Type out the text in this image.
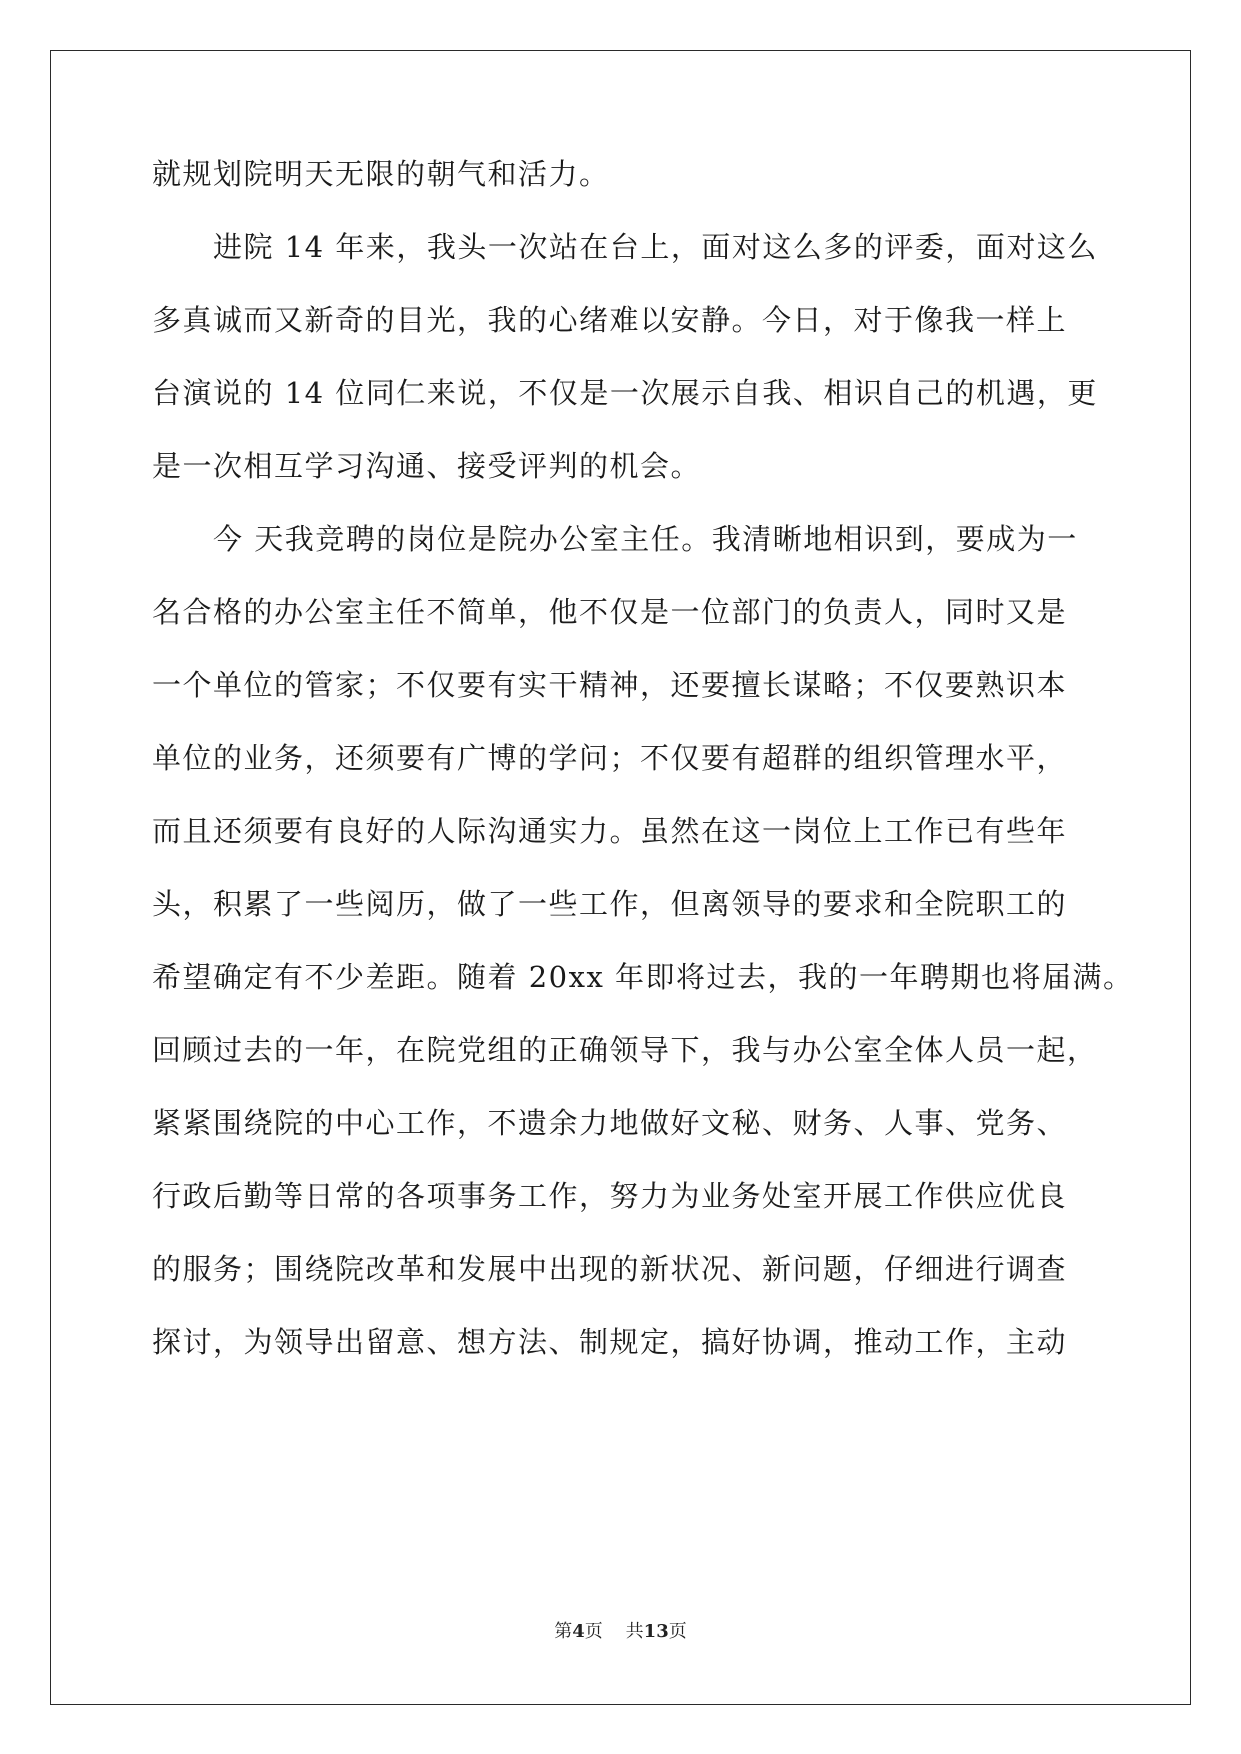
就规划院明天无限的朝气和活力。
　　进院 14 年来，我头一次站在台上，面对这么多的评委，面对这么
多真诚而又新奇的目光，我的心绪难以安静。今日，对于像我一样上
台演说的 14 位同仁来说，不仅是一次展示自我、相识自己的机遇，更
是一次相互学习沟通、接受评判的机会。
　　今 天我竞聘的岗位是院办公室主任。我清晰地相识到，要成为一
名合格的办公室主任不简单，他不仅是一位部门的负责人，同时又是
一个单位的管家；不仅要有实干精神，还要擅长谋略；不仅要熟识本
单位的业务，还须要有广博的学问；不仅要有超群的组织管理水平，
而且还须要有良好的人际沟通实力。虽然在这一岗位上工作已有些年
头，积累了一些阅历，做了一些工作，但离领导的要求和全院职工的
希望确定有不少差距。随着 20xx 年即将过去，我的一年聘期也将届满。
回顾过去的一年，在院党组的正确领导下，我与办公室全体人员一起，
紧紧围绕院的中心工作，不遗余力地做好文秘、财务、人事、党务、
行政后勤等日常的各项事务工作，努力为业务处室开展工作供应优良
的服务；围绕院改革和发展中出现的新状况、新问题，仔细进行调查
探讨，为领导出留意、想方法、制规定，搞好协调，推动工作，主动
第4页 共13页
